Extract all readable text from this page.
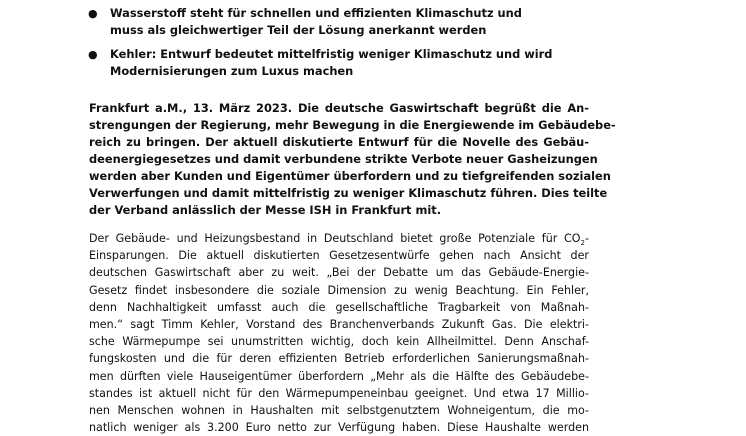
● Wasserstoff steht für schnellen und effizienten Klimaschutz und
muss als gleichwertiger Teil der Lösung anerkannt werden
● Kehler: Entwurf bedeutet mittelfristig weniger Klimaschutz und wird
Modernisierungen zum Luxus machen

Frankfurt a.M., 13. März 2023. Die deutsche Gaswirtschaft begrüßt die An-
strengungen der Regierung, mehr Bewegung in die Energiewende im Gebäudebe-
reich zu bringen. Der aktuell diskutierte Entwurf für die Novelle des Gebäu-
deenergiegesetzes und damit verbundene strikte Verbote neuer Gasheizungen
werden aber Kunden und Eigentümer überfordern und zu tiefgreifenden sozialen
Verwerfungen und damit mittelfristig zu weniger Klimaschutz führen. Dies teilte
der Verband anlässlich der Messe ISH in Frankfurt mit.

Der Gebäude- und Heizungsbestand in Deutschland bietet große Potenziale für $CO_2-$
Einsparungen. Die aktuell diskutierten Gesetzesentwürfe gehen nach Ansicht der
deutschen Gaswirtschaft aber zu weit. „Bei der Debatte um das Gebäude-Energie-
Gesetz findet insbesondere die soziale Dimension zu wenig Beachtung. Ein Fehler,
denn Nachhaltigkeit umfasst auch die gesellschaftliche Tragbarkeit von Maßnah-
men.“ sagt Timm Kehler, Vorstand des Branchenverbands Zukunft Gas. Die elektri-
sche Wärmepumpe sei unumstritten wichtig, doch kein Allheilmittel. Denn Anschaf-
fungskosten und die für deren effizienten Betrieb erforderlichen Sanierungsmaßnah-
men dürften viele Hauseigentümer überfordern „Mehr als die Hälfte des Gebäudebe-
standes ist aktuell nicht für den Wärmepumpeneinbau geeignet. Und etwa 17 Millio-
nen Menschen wohnen in Haushalten mit selbstgenutztem Wohneigentum, die mo-
natlich weniger als 3.200 Euro netto zur Verfügung haben. Diese Haushalte werden
